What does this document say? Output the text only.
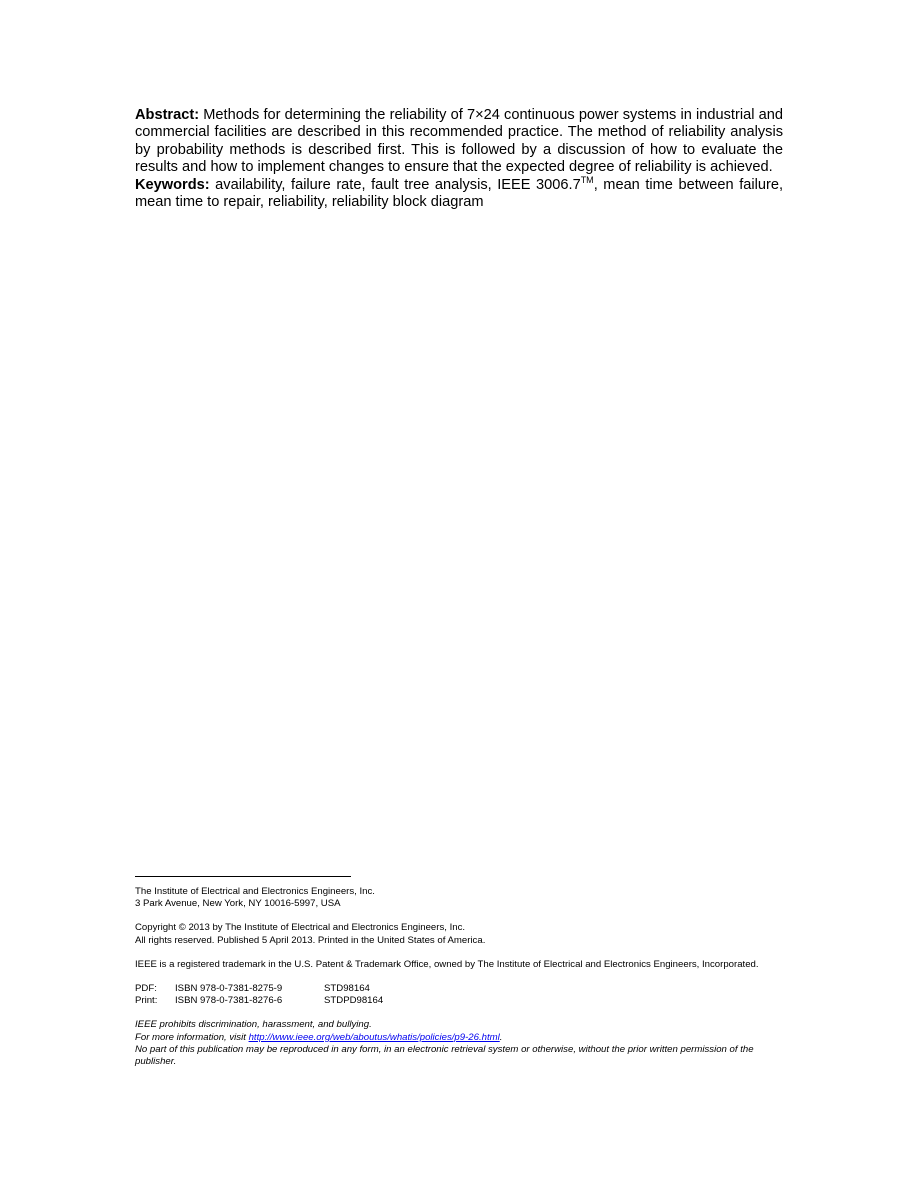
Abstract: Methods for determining the reliability of 7×24 continuous power systems in industrial and commercial facilities are described in this recommended practice. The method of reliability analysis by probability methods is described first. This is followed by a discussion of how to evaluate the results and how to implement changes to ensure that the expected degree of reliability is achieved.

Keywords: availability, failure rate, fault tree analysis, IEEE 3006.7™, mean time between failure, mean time to repair, reliability, reliability block diagram

The Institute of Electrical and Electronics Engineers, Inc.

3 Park Avenue, New York, NY 10016-5997, USA

Copyright © 2013 by The Institute of Electrical and Electronics Engineers, Inc.

All rights reserved. Published 5 April 2013. Printed in the United States of America.

IEEE is a registered trademark in the U.S. Patent & Trademark Office, owned by The Institute of Electrical and Electronics Engineers, Incorporated.

PDF:	ISBN 978-0-7381-8275-9	STD98164
Print:	ISBN 978-0-7381-8276-6	STDPD98164

IEEE prohibits discrimination, harassment, and bullying.

For more information, visit http://www.ieee.org/web/aboutus/whatis/policies/p9-26.html.

No part of this publication may be reproduced in any form, in an electronic retrieval system or otherwise, without the prior written permission of the publisher.
